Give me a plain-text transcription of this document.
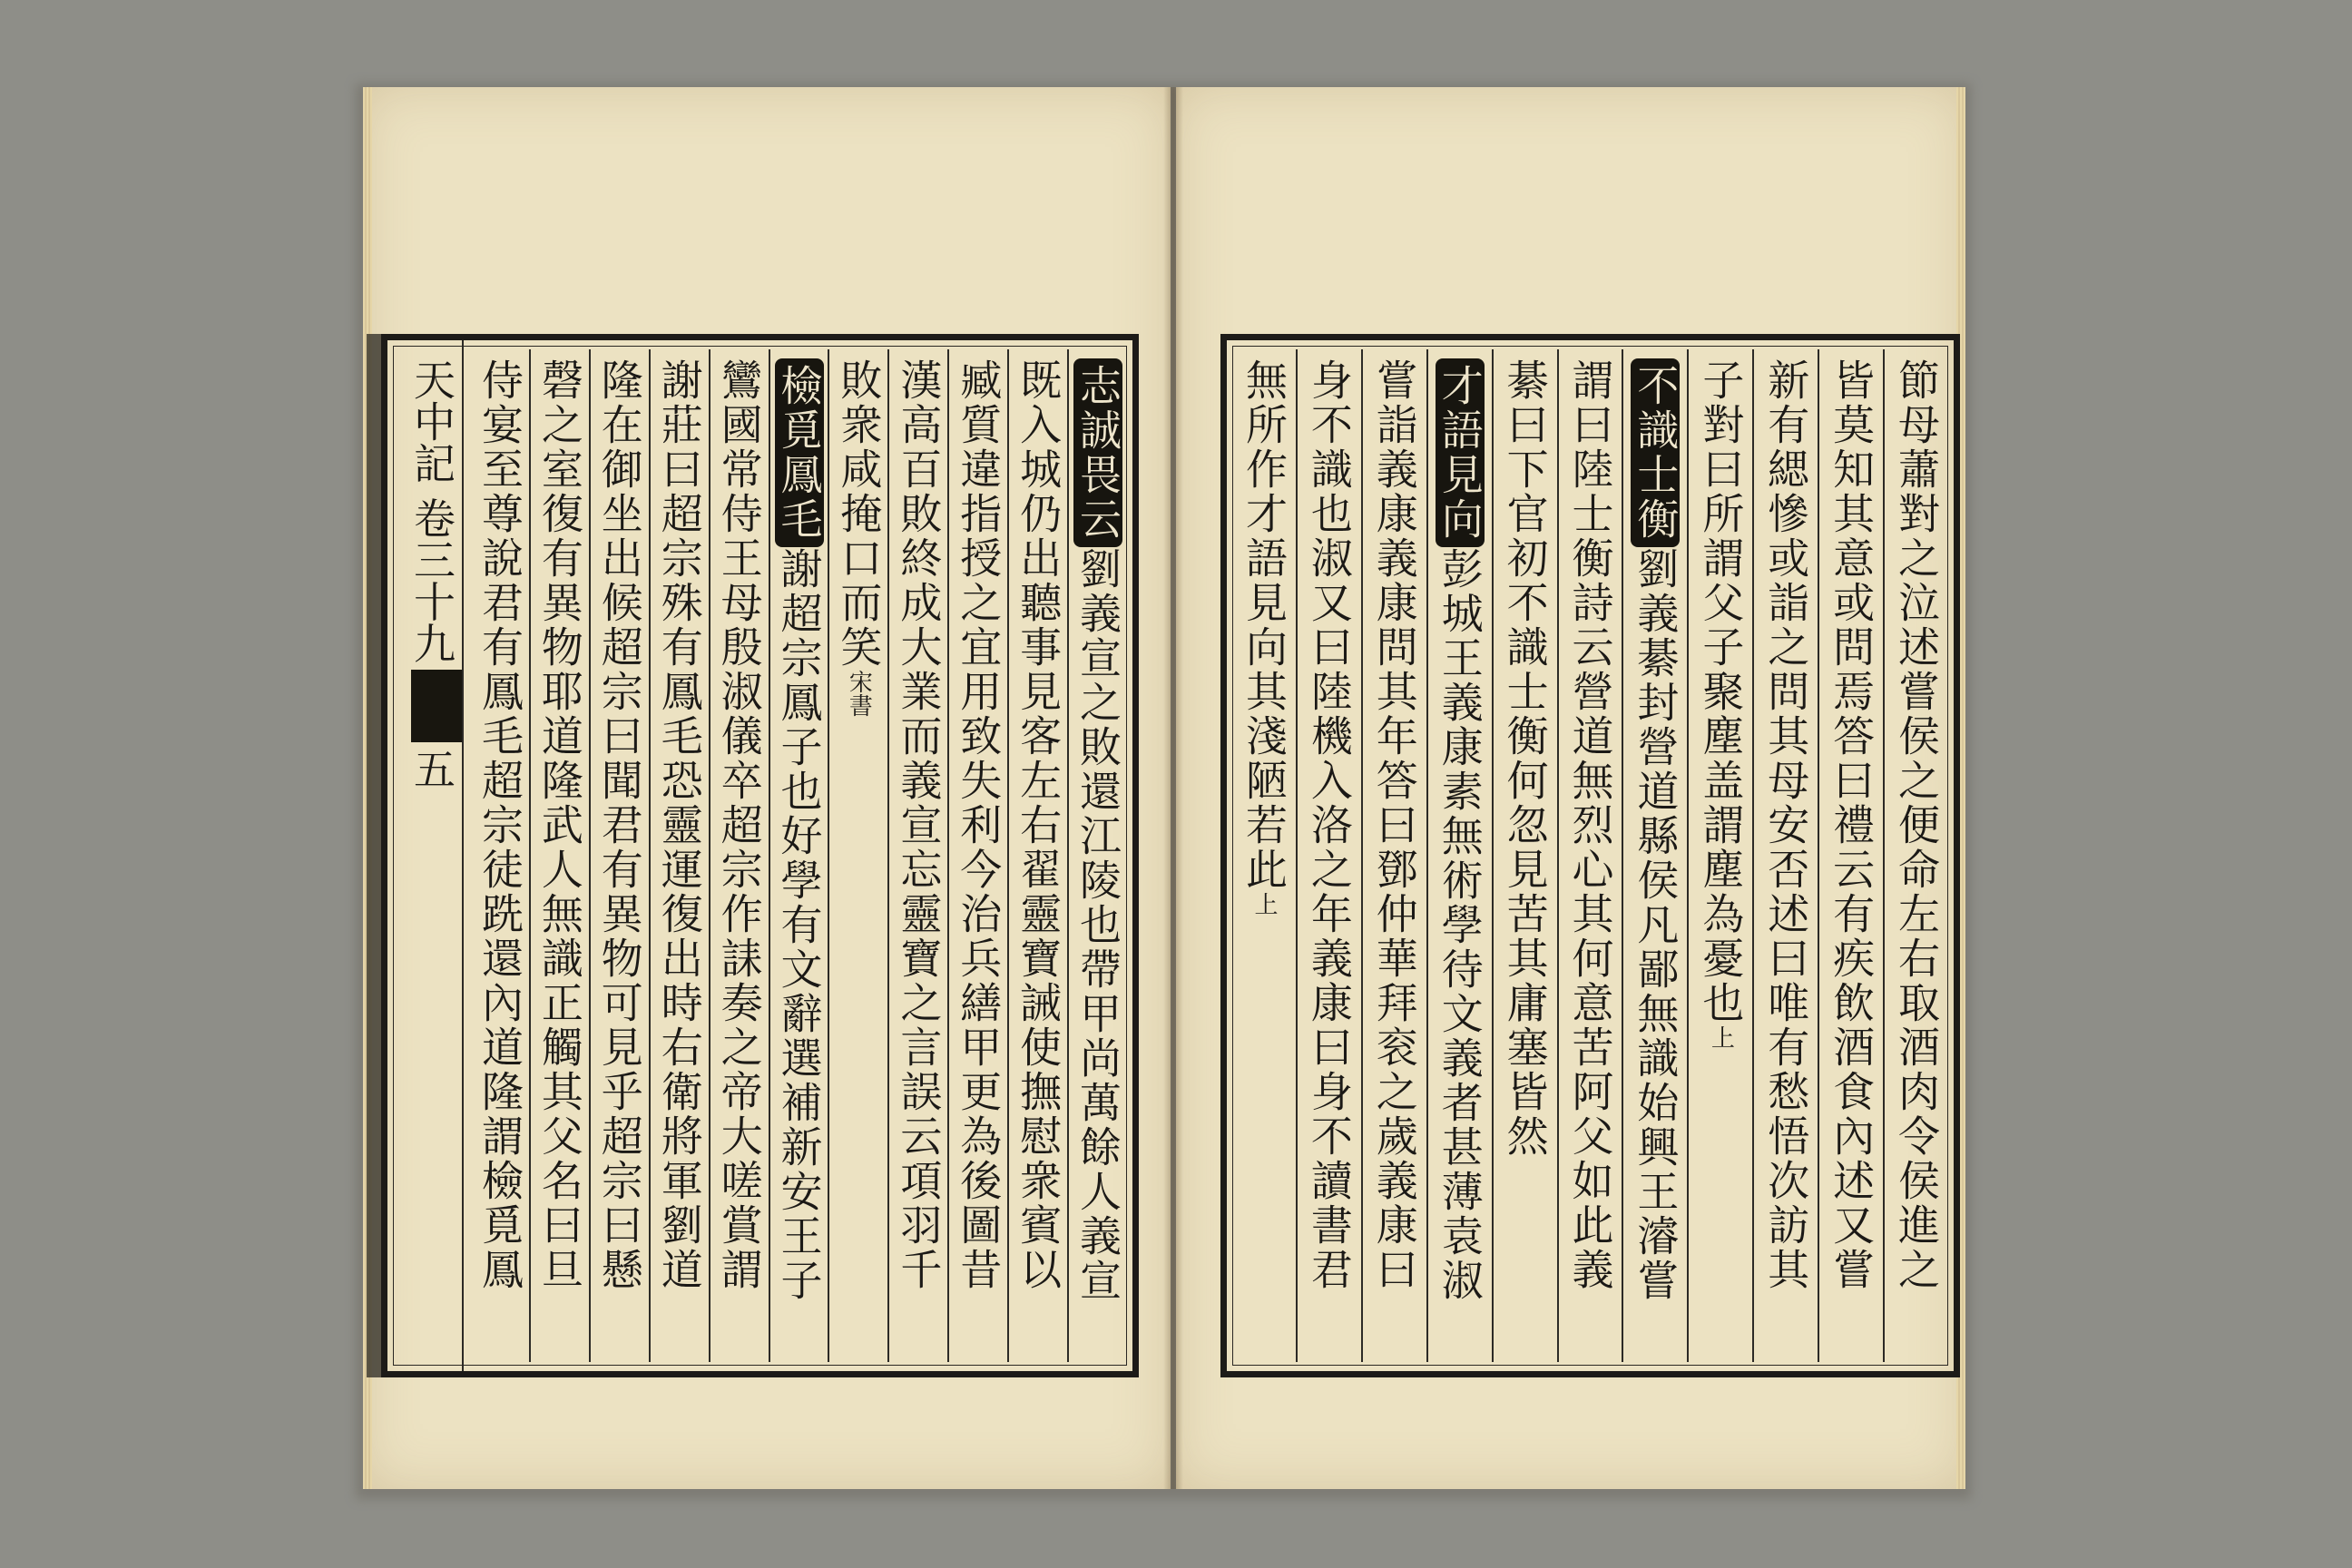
天中記 卷三十九
五
志誠畏云劉義宣之敗還江陵也帶甲尚萬餘人義宣
既入城仍出聽事見客左右翟靈寶誡使撫慰衆賓以
臧質違指授之宜用致失利今治兵繕甲更為後圖昔
漢高百敗終成大業而義宣忘靈寶之言誤云項羽千
敗衆咸掩口而笑宋書
檢覓鳳毛謝超宗鳳子也好學有文辭選補新安王子
鸞國常侍王母殷淑儀卒超宗作誄奏之帝大嗟賞謂
謝莊曰超宗殊有鳳毛恐靈運復出時右衛將軍劉道
隆在御坐出候超宗曰聞君有異物可見乎超宗曰懸
磬之室復有異物耶道隆武人無識正觸其父名曰旦
侍宴至尊說君有鳳毛超宗徒跣還內道隆謂檢覓鳳	節母蕭對之泣述嘗侯之便命左右取酒肉令侯進之
皆莫知其意或問焉答曰禮云有疾飲酒食內述又嘗
新有緦慘或詣之問其母安否述曰唯有愁悟次訪其
子對曰所謂父子聚塵盖謂塵為憂也上
不識士衡劉義綦封營道縣侯凡鄙無識始興王濬嘗
謂曰陸士衡詩云營道無烈心其何意苦阿父如此義
綦曰下官初不識士衡何忽見苦其庸塞皆然
才語見向彭城王義康素無術學待文義者甚薄袁淑
嘗詣義康義康問其年答曰鄧仲華拜衮之歲義康曰
身不識也淑又曰陸機入洛之年義康曰身不讀書君
無所作才語見向其淺陋若此上
